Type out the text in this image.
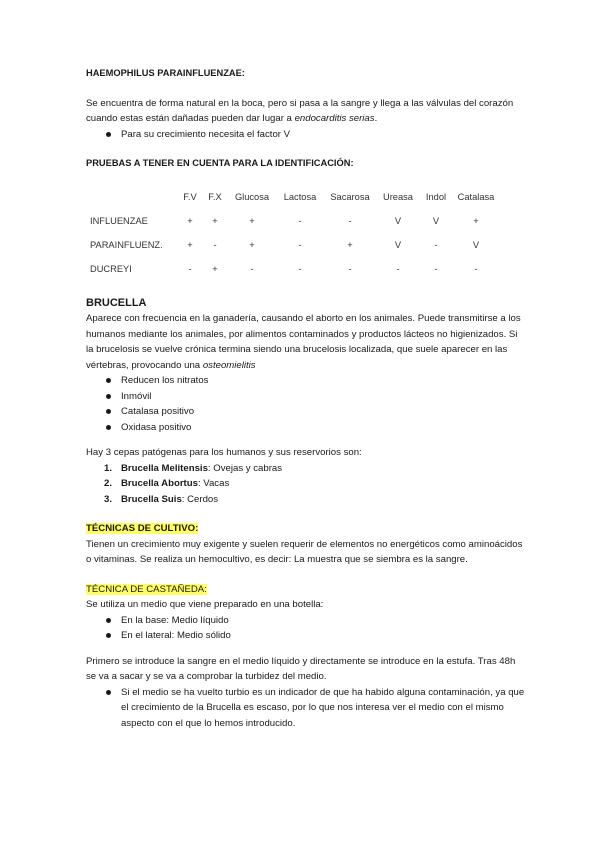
HAEMOPHILUS PARAINFLUENZAE:

Se encuentra de forma natural en la boca, pero si pasa a la sangre y llega a las válvulas del corazón cuando estas están dañadas pueden dar lugar a endocarditis serias.

Para su crecimiento necesita el factor V

PRUEBAS A TENER EN CUENTA PARA LA IDENTIFICACIÓN:

	F.V	F.X	Glucosa	Lactosa	Sacarosa	Ureasa	Indol	Catalasa
INFLUENZAE	+	+	+	-	-	V	V	+
PARAINFLUENZ.	+	-	+	-	+	V	-	V
DUCREYI	-	+	-	-	-	-	-	-

BRUCELLA

Aparece con frecuencia en la ganadería, causando el aborto en los animales. Puede transmitirse a los humanos mediante los animales, por alimentos contaminados y productos lácteos no higienizados. Si la brucelosis se vuelve crónica termina siendo una brucelosis localizada, que suele aparecer en las vértebras, provocando una osteomielitis

Reducen los nitratos
Inmóvil
Catalasa positivo
Oxidasa positivo

Hay 3 cepas patógenas para los humanos y sus reservorios son:

1. Brucella Melitensis: Ovejas y cabras
2. Brucella Abortus: Vacas
3. Brucella Suis: Cerdos

TÉCNICAS DE CULTIVO:

Tienen un crecimiento muy exigente y suelen requerir de elementos no energéticos como aminoácidos o vitaminas. Se realiza un hemocultivo, es decir: La muestra que se siembra es la sangre.

TÉCNICA DE CASTAÑEDA:

Se utiliza un medio que viene preparado en una botella:

En la base: Medio líquido
En el lateral: Medio sólido

Primero se introduce la sangre en el medio líquido y directamente se introduce en la estufa. Tras 48h se va a sacar y se va a comprobar la turbidez del medio.

Si el medio se ha vuelto turbio es un indicador de que ha habido alguna contaminación, ya que el crecimiento de la Brucella es escaso, por lo que nos interesa ver el medio con el mismo aspecto con el que lo hemos introducido.
